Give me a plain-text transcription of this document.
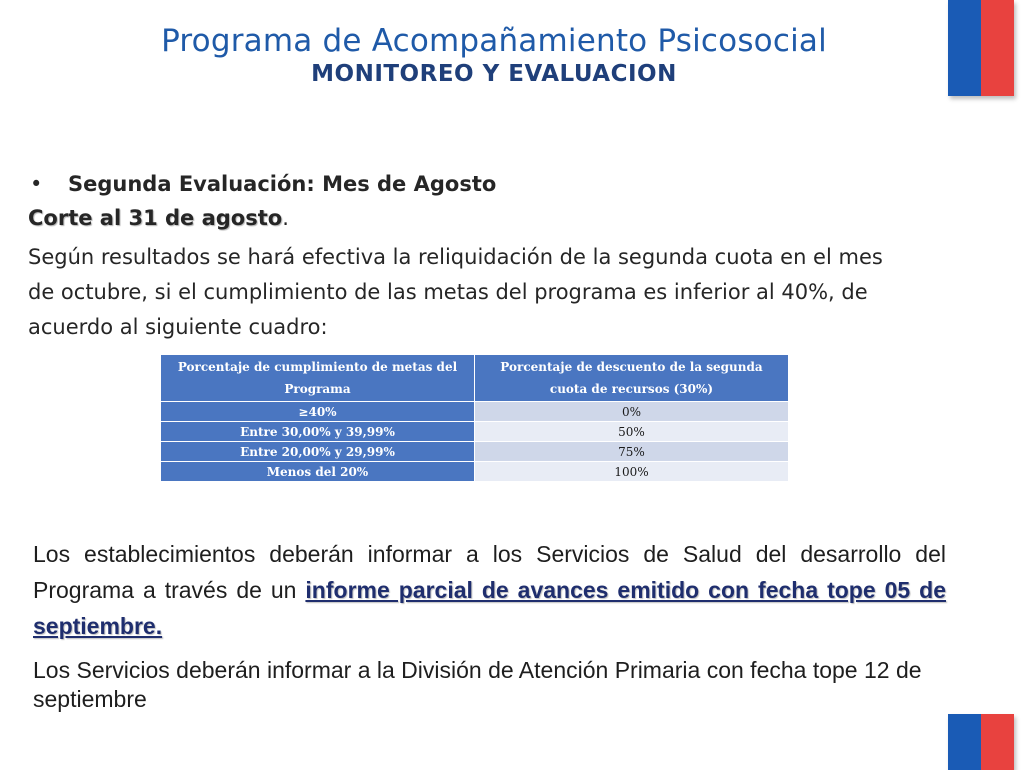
Programa de Acompañamiento Psicosocial
MONITOREO Y EVALUACION
•	Segunda Evaluación: Mes de Agosto
Corte al 31 de agosto.
Según resultados se hará efectiva la reliquidación de la segunda cuota en el mes de octubre, si el cumplimiento de las metas del programa es inferior al 40%, de acuerdo al siguiente cuadro:
Porcentaje de cumplimiento de metas del Programa	Porcentaje de descuento de la segunda cuota de recursos (30%)
≥40%	0%
Entre 30,00% y 39,99%	50%
Entre 20,00% y 29,99%	75%
Menos del 20%	100%
Los establecimientos deberán informar a los Servicios de Salud del desarrollo del Programa a través de un informe parcial de avances emitido con fecha tope 05 de septiembre.
Los Servicios deberán informar a la División de Atención Primaria con fecha tope 12 de septiembre
